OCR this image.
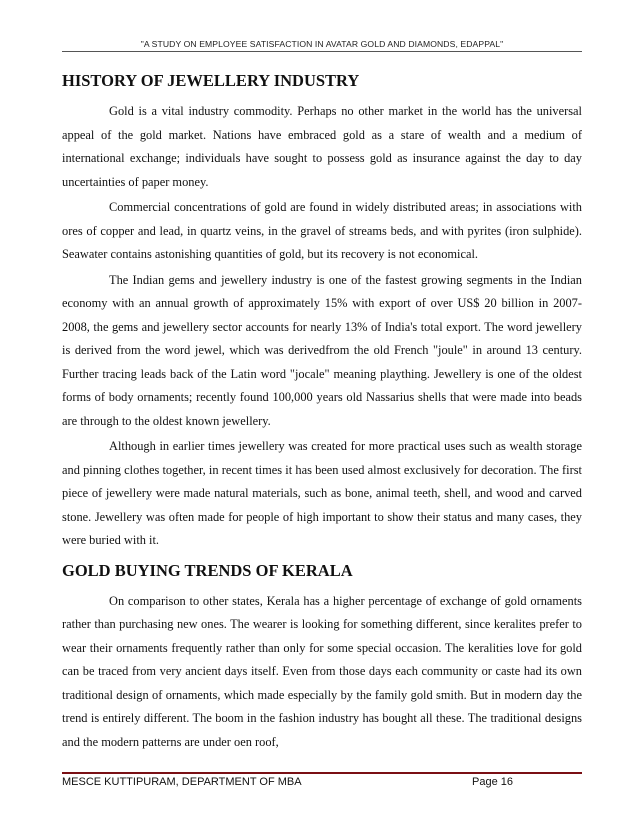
"A STUDY ON EMPLOYEE SATISFACTION IN AVATAR GOLD AND DIAMONDS, EDAPPAL"
HISTORY OF JEWELLERY INDUSTRY

Gold is a vital industry commodity. Perhaps no other market in the world has the universal appeal of the gold market. Nations have embraced gold as a stare of wealth and a medium of international exchange; individuals have sought to possess gold as insurance against the day to day uncertainties of paper money.

Commercial concentrations of gold are found in widely distributed areas; in associations with ores of copper and lead, in quartz veins, in the gravel of streams beds, and with pyrites (iron sulphide). Seawater contains astonishing quantities of gold, but its recovery is not economical.

The Indian gems and jewellery industry is one of the fastest growing segments in the Indian economy with an annual growth of approximately 15% with export of over US$ 20 billion in 2007-2008, the gems and jewellery sector accounts for nearly 13% of India's total export. The word jewellery is derived from the word jewel, which was derivedfrom the old French "joule" in around 13 century. Further tracing leads back of the Latin word "jocale" meaning plaything. Jewellery is one of the oldest forms of body ornaments; recently found 100,000 years old Nassarius shells that were made into beads are through to the oldest known jewellery.

Although in earlier times jewellery was created for more practical uses such as wealth storage and pinning clothes together, in recent times it has been used almost exclusively for decoration. The first piece of jewellery were made natural materials, such as bone, animal teeth, shell, and wood and carved stone. Jewellery was often made for people of high important to show their status and many cases, they were buried with it.

GOLD BUYING TRENDS OF KERALA

On comparison to other states, Kerala has a higher percentage of exchange of gold ornaments rather than purchasing new ones. The wearer is looking for something different, since keralites prefer to wear their ornaments frequently rather than only for some special occasion. The keralities love for gold can be traced from very ancient days itself. Even from those days each community or caste had its own traditional design of ornaments, which made especially by the family gold smith. But in modern day the trend is entirely different. The boom in the fashion industry has bought all these. The traditional designs and the modern patterns are under oen roof,

MESCE KUTTIPURAM, DEPARTMENT OF MBA	Page 16
